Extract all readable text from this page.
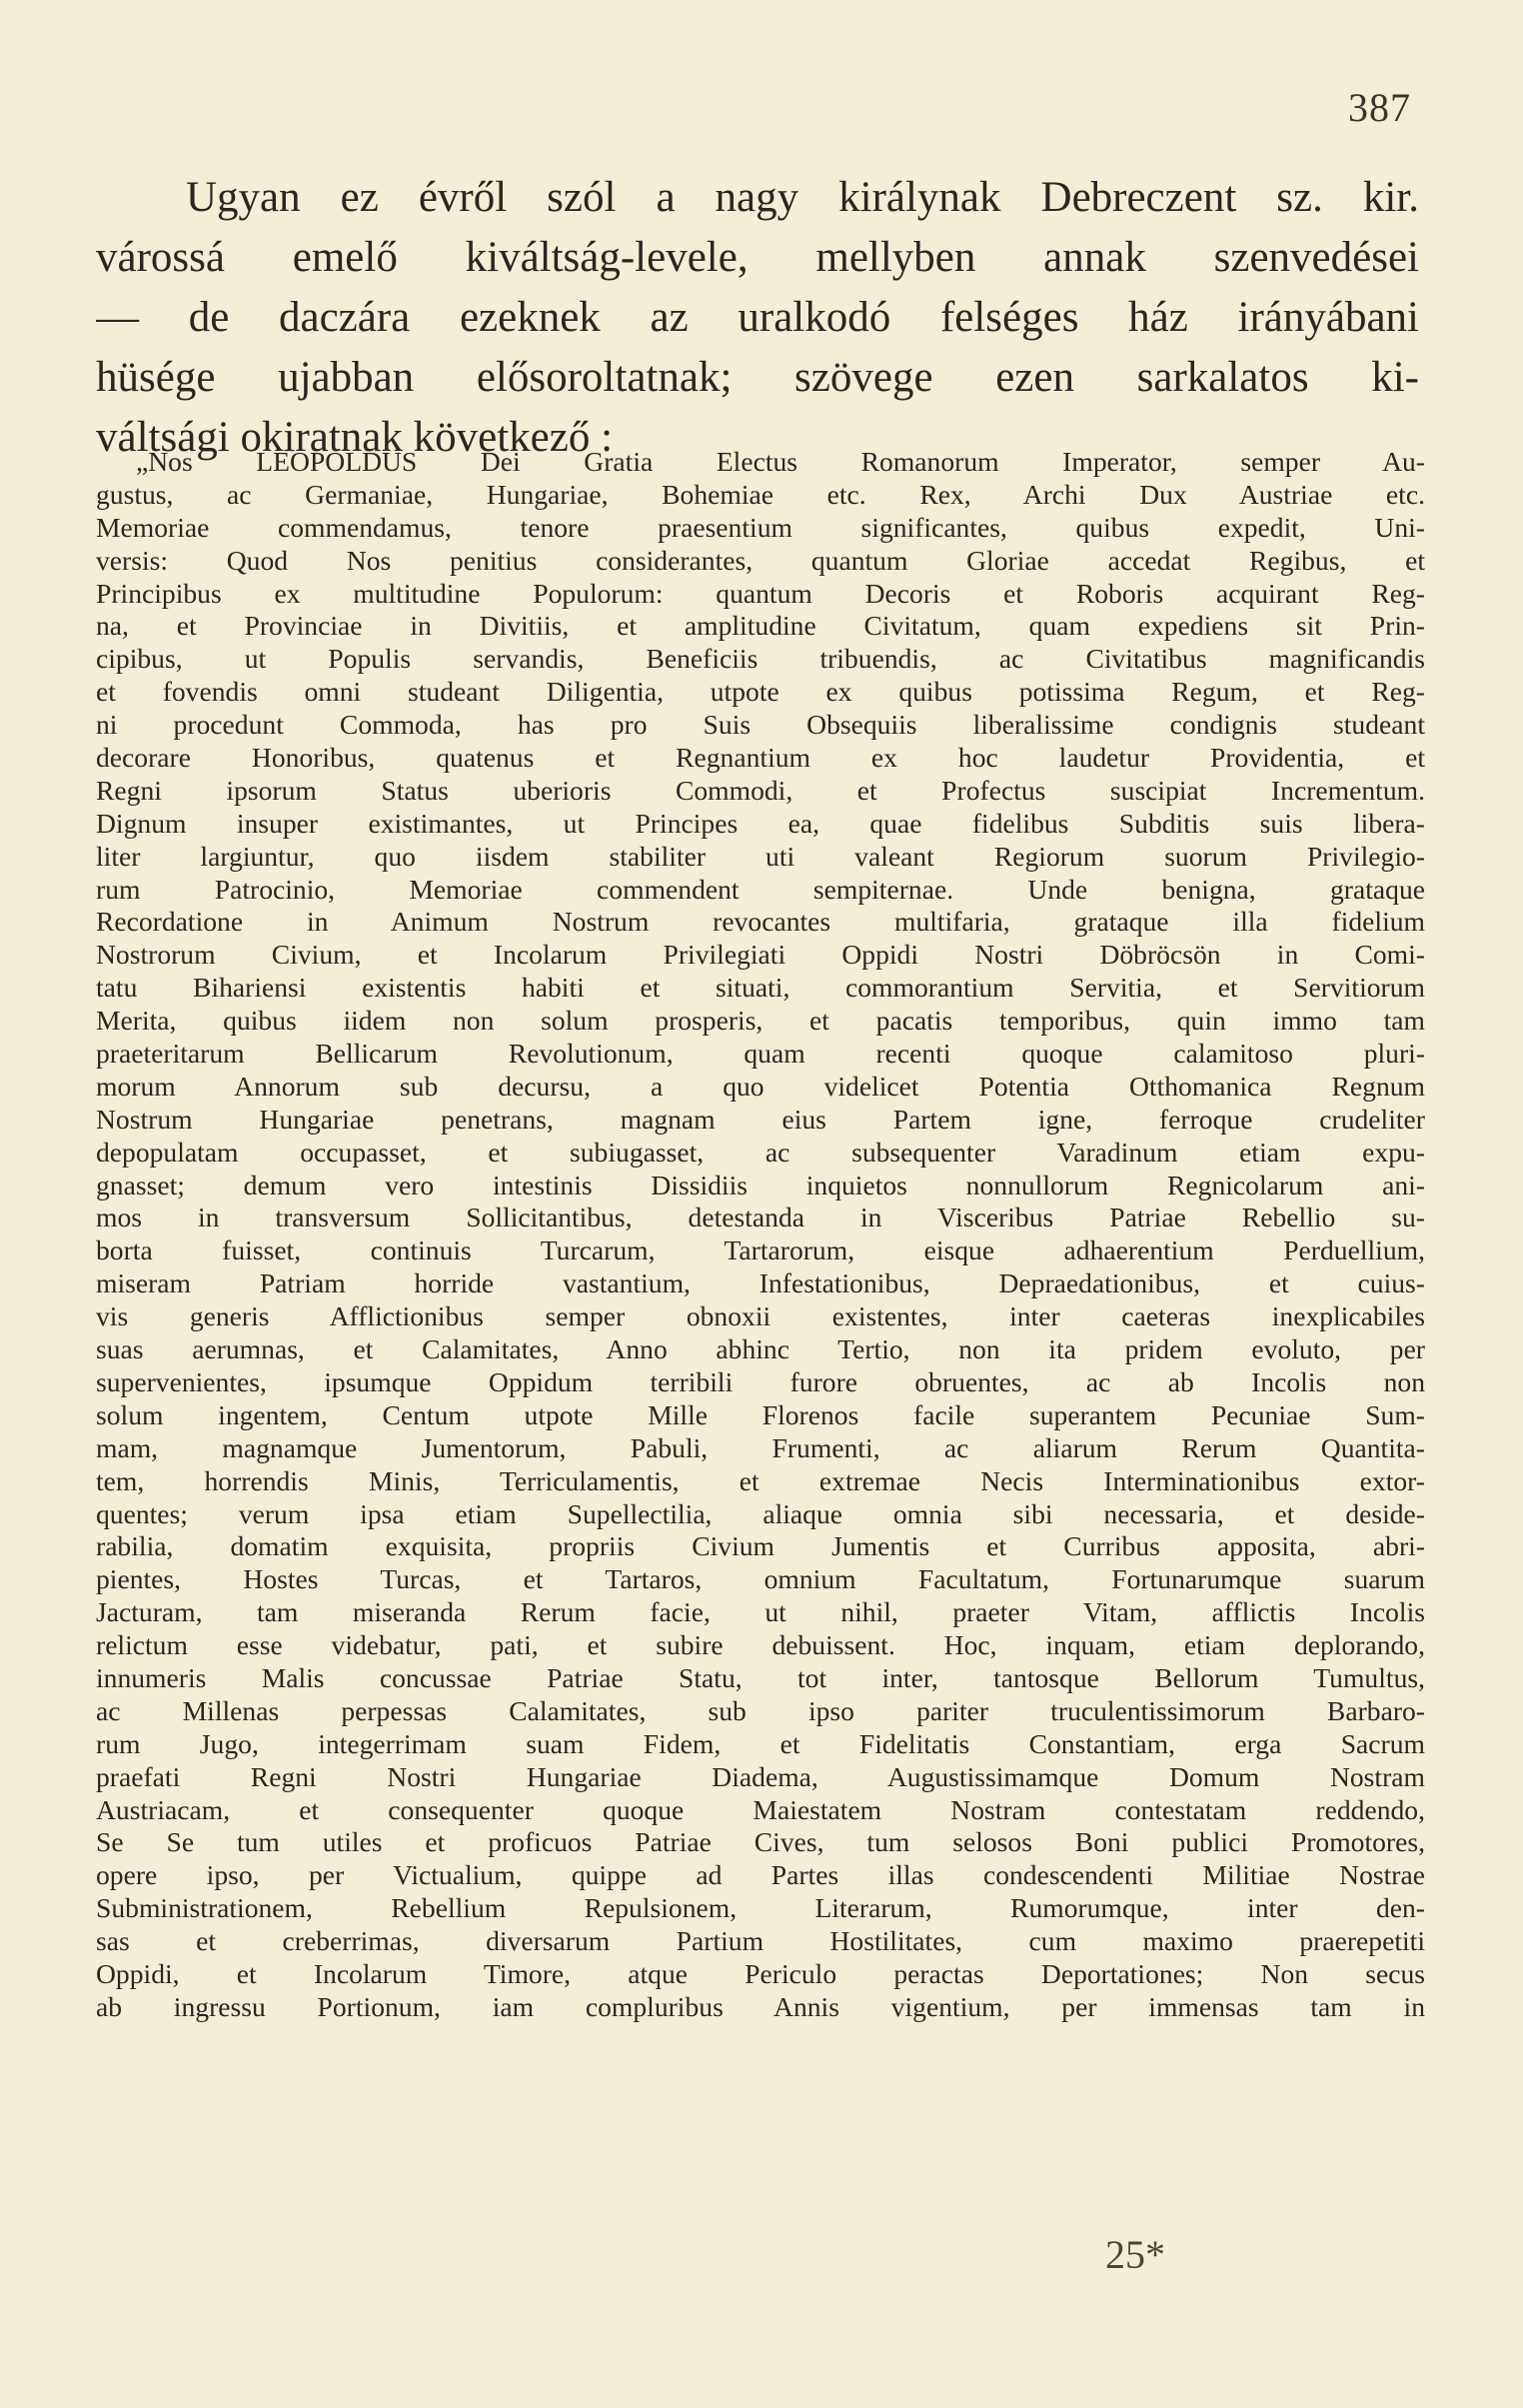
387
Ugyan ez évről szól a nagy királynak Debreczent sz. kir.
várossá emelő kiváltság-levele, mellyben annak szenvedései
— de daczára ezeknek az uralkodó felséges ház irányábani
hüsége ujabban elősoroltatnak; szövege ezen sarkalatos ki-
váltsági okiratnak következő :
„Nos LEOPOLDUS Dei Gratia Electus Romanorum Imperator, semper Au-
gustus, ac Germaniae, Hungariae, Bohemiae etc. Rex, Archi Dux Austriae etc.
Memoriae commendamus, tenore praesentium significantes, quibus expedit, Uni-
versis: Quod Nos penitius considerantes, quantum Gloriae accedat Regibus, et
Principibus ex multitudine Populorum: quantum Decoris et Roboris acquirant Reg-
na, et Provinciae in Divitiis, et amplitudine Civitatum, quam expediens sit Prin-
cipibus, ut Populis servandis, Beneficiis tribuendis, ac Civitatibus magnificandis
et fovendis omni studeant Diligentia, utpote ex quibus potissima Regum, et Reg-
ni procedunt Commoda, has pro Suis Obsequiis liberalissime condignis studeant
decorare Honoribus, quatenus et Regnantium ex hoc laudetur Providentia, et
Regni ipsorum Status uberioris Commodi, et Profectus suscipiat Incrementum.
Dignum insuper existimantes, ut Principes ea, quae fidelibus Subditis suis libera-
liter largiuntur, quo iisdem stabiliter uti valeant Regiorum suorum Privilegio-
rum Patrocinio, Memoriae commendent sempiternae. Unde benigna, grataque
Recordatione in Animum Nostrum revocantes multifaria, grataque illa fidelium
Nostrorum Civium, et Incolarum Privilegiati Oppidi Nostri Döbröcsön in Comi-
tatu Bihariensi existentis habiti et situati, commorantium Servitia, et Servitiorum
Merita, quibus iidem non solum prosperis, et pacatis temporibus, quin immo tam
praeteritarum Bellicarum Revolutionum, quam recenti quoque calamitoso pluri-
morum Annorum sub decursu, a quo videlicet Potentia Otthomanica Regnum
Nostrum Hungariae penetrans, magnam eius Partem igne, ferroque crudeliter
depopulatam occupasset, et subiugasset, ac subsequenter Varadinum etiam expu-
gnasset; demum vero intestinis Dissidiis inquietos nonnullorum Regnicolarum ani-
mos in transversum Sollicitantibus, detestanda in Visceribus Patriae Rebellio su-
borta fuisset, continuis Turcarum, Tartarorum, eisque adhaerentium Perduellium,
miseram Patriam horride vastantium, Infestationibus, Depraedationibus, et cuius-
vis generis Afflictionibus semper obnoxii existentes, inter caeteras inexplicabiles
suas aerumnas, et Calamitates, Anno abhinc Tertio, non ita pridem evoluto, per
supervenientes, ipsumque Oppidum terribili furore obruentes, ac ab Incolis non
solum ingentem, Centum utpote Mille Florenos facile superantem Pecuniae Sum-
mam, magnamque Jumentorum, Pabuli, Frumenti, ac aliarum Rerum Quantita-
tem, horrendis Minis, Terriculamentis, et extremae Necis Interminationibus extor-
quentes; verum ipsa etiam Supellectilia, aliaque omnia sibi necessaria, et deside-
rabilia, domatim exquisita, propriis Civium Jumentis et Curribus apposita, abri-
pientes, Hostes Turcas, et Tartaros, omnium Facultatum, Fortunarumque suarum
Jacturam, tam miseranda Rerum facie, ut nihil, praeter Vitam, afflictis Incolis
relictum esse videbatur, pati, et subire debuissent. Hoc, inquam, etiam deplorando,
innumeris Malis concussae Patriae Statu, tot inter, tantosque Bellorum Tumultus,
ac Millenas perpessas Calamitates, sub ipso pariter truculentissimorum Barbaro-
rum Jugo, integerrimam suam Fidem, et Fidelitatis Constantiam, erga Sacrum
praefati Regni Nostri Hungariae Diadema, Augustissimamque Domum Nostram
Austriacam, et consequenter quoque Maiestatem Nostram contestatam reddendo,
Se Se tum utiles et proficuos Patriae Cives, tum selosos Boni publici Promotores,
opere ipso, per Victualium, quippe ad Partes illas condescendenti Militiae Nostrae
Subministrationem, Rebellium Repulsionem, Literarum, Rumorumque, inter den-
sas et creberrimas, diversarum Partium Hostilitates, cum maximo praerepetiti
Oppidi, et Incolarum Timore, atque Periculo peractas Deportationes; Non secus
ab ingressu Portionum, iam compluribus Annis vigentium, per immensas tam in
25*
